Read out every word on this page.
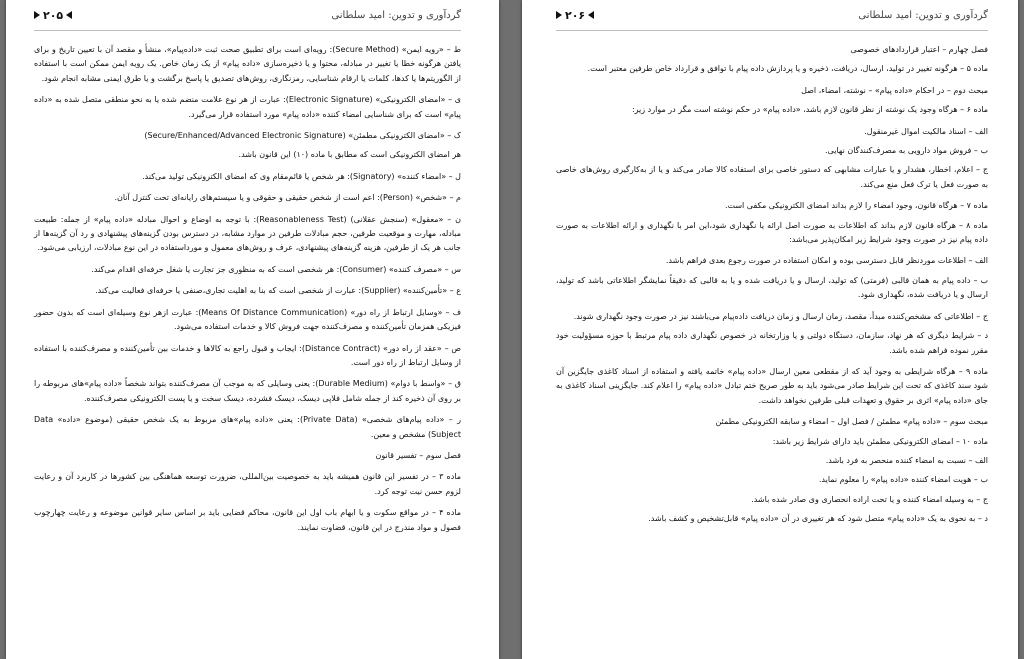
۲۰۵	گردآوری و تدوین: امید سلطانی

ط – «رویه ایمن» (Secure Method): رویه‌ای است برای تطبیق صحت ثبت «داده‌پیام»، منشأ و مقصد آن با تعیین تاریخ و برای یافتن هرگونه خطا یا تغییر در مبادله، محتوا و یا ذخیره‌سازی «داده پیام» از یک زمان خاص. یک رویه ایمن ممکن است با استفاده از الگوریتم‌ها یا کدها، کلمات یا ارقام شناسایی، رمزنگاری، روش‌های تصدیق یا پاسخ برگشت و یا طرق ایمنی مشابه انجام شود.

ی – «امضای الکترونیکی» (Electronic Signature): عبارت از هر نوع علامت منضم شده یا به نحو منطقی متصل شده به «داده پیام» است که برای شناسایی امضاء کننده «داده پیام» مورد استفاده قرار می‌گیرد.

ک – «امضای الکترونیکی مطمئن» (Secure/Enhanced/Advanced Electronic Signature)

هر امضای الکترونیکی است که مطابق با ماده (۱۰) این قانون باشد.

ل – «امضاء کننده» (Signatory): هر شخص یا قائم‌مقام وی که امضای الکترونیکی تولید می‌کند.

م – «شخص» (Person): اعم است از شخص حقیقی و حقوقی و یا سیستم‌های رایانه‌ای تحت کنترل آنان.

ن – «معقول» (سنجش عقلانی) (Reasonableness Test): با توجه به اوضاع و احوال مبادله «داده پیام» از جمله: طبیعت مبادله، مهارت و موقعیت طرفین، حجم مبادلات طرفین در موارد مشابه، در دسترس بودن گزینه‌های پیشنهادی و رد آن گزینه‌ها از جانب هر یک از طرفین، هزینه گزینه‌های پیشنهادی، عرف و روش‌های معمول و مورداستفاده در این نوع مبادلات، ارزیابی می‌شود.

س – «مصرف کننده» (Consumer): هر شخصی است که به منظوری جز تجارت یا شغل حرفه‌ای اقدام می‌کند.

ع – «تأمین‌کننده» (Supplier): عبارت از شخصی است که بنا به اهلیت تجاری،صنفی یا حرفه‌ای فعالیت می‌کند.

ف – «وسایل ارتباط از راه دور» (Means Of Distance Communication): عبارت ازهر نوع وسیله‌ای است که بدون حضور فیزیکی همزمان تأمین‌کننده و مصرف‌کننده جهت فروش کالا و خدمات استفاده می‌شود.

ص – «عقد از راه دور» (Distance Contract): ایجاب و قبول راجع به کالاها و خدمات بین تأمین‌کننده و مصرف‌کننده با استفاده از وسایل ارتباط از راه دور است.

ق – «واسط با دوام» (Durable Medium): یعنی وسایلی که به موجب آن مصرف‌کننده بتواند شخصاً «داده پیام»‌های مربوطه را بر روی آن ذخیره کند از جمله شامل فلاپی دیسک، دیسک فشرده، دیسک سخت و یا پست الکترونیکی مصرف‌کننده.

ر – «داده پیام‌های شخصی» (Private Data): یعنی «داده پیام»‌های مربوط به یک شخص حقیقی (موضوع «داده» Data Subject) مشخص و معین.

فصل سوم – تفسیر قانون

ماده ۳ – در تفسیر این قانون همیشه باید به خصوصیت بین‌المللی، ضرورت توسعه هماهنگی بین کشورها در کاربرد آن و رعایت لزوم حسن نیت توجه کرد.

ماده ۴ – در مواقع سکوت و یا ابهام باب اول این قانون، محاکم قضایی باید بر اساس سایر قوانین موضوعه و رعایت چهارچوب فصول و مواد مندرج در این قانون، قضاوت نمایند.

۲۰۶	گردآوری و تدوین: امید سلطانی

فصل چهارم – اعتبار قراردادهای خصوصی

ماده ۵ – هرگونه تغییر در تولید، ارسال، دریافت، ذخیره و یا پردازش داده پیام با توافق و قرارداد خاص طرفین معتبر است.

مبحث دوم – در احکام «داده پیام» – نوشته، امضاء، اصل

ماده ۶ – هرگاه وجود یک نوشته از نظر قانون لازم باشد، «داده پیام» در حکم نوشته است مگر در موارد زیر:

الف – اسناد مالکیت اموال غیرمنقول.

ب – فروش مواد دارویی به مصرف‌کنندگان نهایی.

ج – اعلام، اخطار، هشدار و یا عبارات مشابهی که دستور خاصی برای استفاده کالا صادر می‌کند و یا از به‌کارگیری روش‌های خاصی به صورت فعل یا ترک فعل منع می‌کند.

ماده ۷ – هرگاه قانون، وجود امضاء را لازم بداند امضای الکترونیکی مکفی است.

ماده ۸ – هرگاه قانون لازم بداند که اطلاعات به صورت اصل ارائه یا نگهداری شود،این امر با نگهداری و ارائه اطلاعات به صورت داده پیام نیز در صورت وجود شرایط زیر امکان‌پذیر می‌باشد:

الف – اطلاعات موردنظر قابل دسترسی بوده و امکان استفاده در صورت رجوع بعدی فراهم باشد.

ب – داده پیام به همان قالبی (فرمتی) که تولید، ارسال و یا دریافت شده و یا به قالبی که دقیقاً نمایشگر اطلاعاتی باشد که تولید، ارسال و یا دریافت شده، نگهداری شود.

ج – اطلاعاتی که مشخص‌کننده مبدأ، مقصد، زمان ارسال و زمان دریافت داده‌پیام می‌باشند نیز در صورت وجود نگهداری شوند.

د – شرایط دیگری که هر نهاد، سازمان، دستگاه دولتی و یا وزارتخانه در خصوص نگهداری داده پیام مرتبط با حوزه مسؤولیت خود مقرر نموده فراهم شده باشد.

ماده ۹ – هرگاه شرایطی به وجود آید که از مقطعی معین ارسال «داده پیام» خاتمه یافته و استفاده از اسناد کاغذی جایگزین آن شود سند کاغذی که تحت این شرایط صادر می‌شود باید به طور صریح ختم تبادل «داده پیام» را اعلام کند. جایگزینی اسناد کاغذی به جای «داده پیام» اثری بر حقوق و تعهدات قبلی طرفین نخواهد داشت.

مبحث سوم – «داده پیام» مطمئن / فصل اول – امضاء و سابقه الکترونیکی مطمئن

ماده ۱۰ – امضای الکترونیکی مطمئن باید دارای شرایط زیر باشد:

الف – نسبت به امضاء کننده منحصر به فرد باشد.

ب – هویت امضاء کننده «داده پیام» را معلوم نماید.

ج – به وسیله امضاء کننده و یا تحت اراده انحصاری وی صادر شده باشد.

د – به نحوی به یک «داده پیام» متصل شود که هر تغییری در آن «داده پیام» قابل‌تشخیص و کشف باشد.
